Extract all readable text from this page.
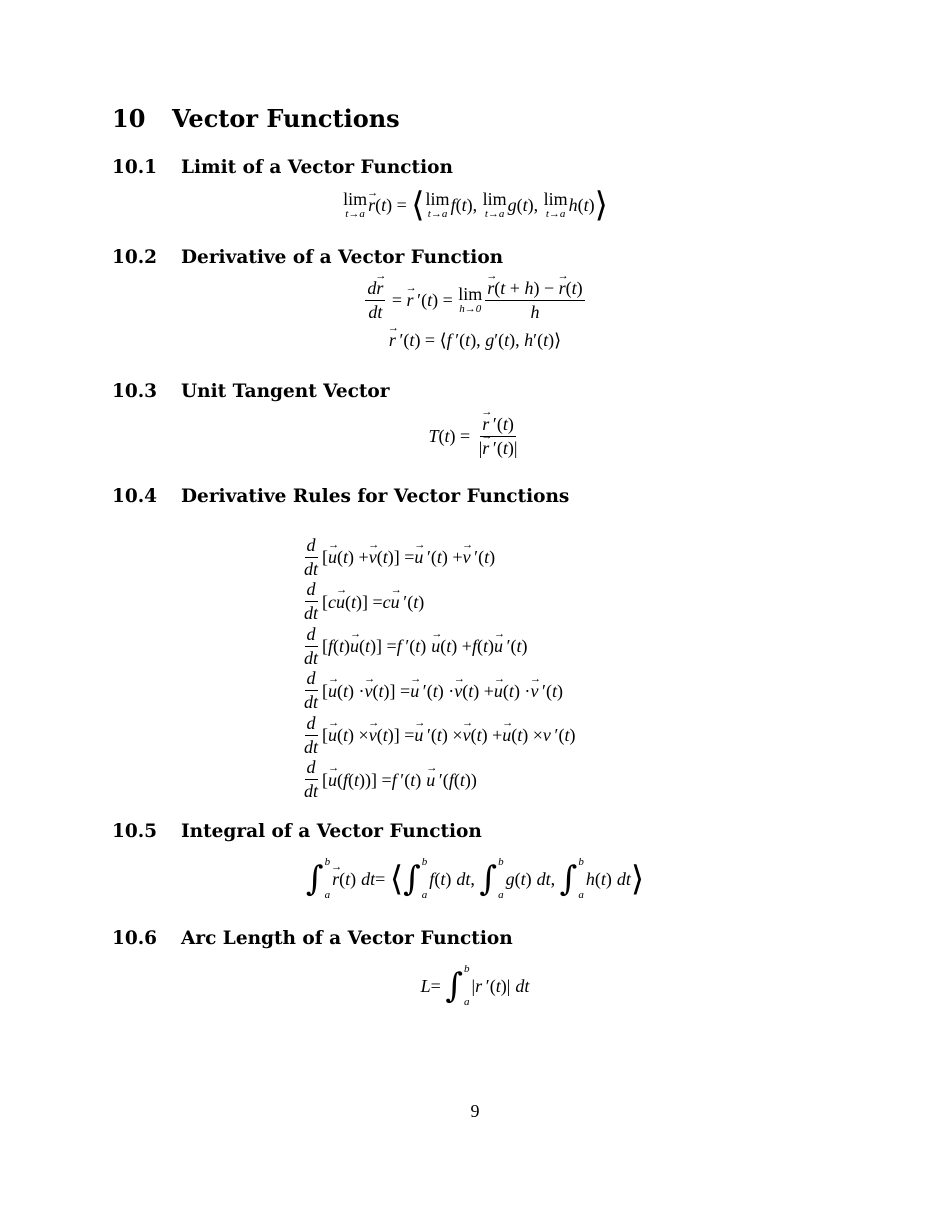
10 Vector Functions
10.1 Limit of a Vector Function
lim
t→a
→ r ( t ) = ⟨ lim
t→a f ( t ), lim
t→a g ( t ), lim
t→a h ( t ) ⟩
10.2 Derivative of a Vector Function
$\frac{d\to r}{dt}$ =
→ r  ′( t ) = lim
h→0
→ $\frac{r(t + h) - \to r(t)}{h}$
→ r ′(t) = ⟨f ′(t), g′(t), h′(t)⟩
10.3 Unit Tangent Vector
T ( t ) =
→ $\frac{r '(t)}{|\to r '(t)|}$
10.4 Derivative Rules for Vector Functions
$\frac{d}{dt}$ [
→ u ( t ) +
→ v ( t )] =
→ u  ′( t ) +
→ v  ′( t )
$\frac{d}{dt}$ [ c
→ u ( t )] = c
→ u  ′( t )
$\frac{d}{dt}$ [ f ( t )
→ u ( t )] = f  ′( t )
→ u ( t ) + f ( t )
→ u  ′( t )
$\frac{d}{dt}$ [
→ u ( t ) ·
→ v ( t )] =
→ u  ′( t ) ·
→ v ( t ) +
→ u ( t ) ·
→ v  ′( t )
$\frac{d}{dt}$ [
→ u ( t ) ×
→ v ( t )] =
→ u  ′( t ) ×
→ v ( t ) +
→ u ( t ) × v  ′( t )
$\frac{d}{dt}$ [
→ u ( f ( t ))] = f  ′( t )
→ u  ′( f ( t ))
10.5 Integral of a Vector Function
∫ b
a
→ r ( t ) dt = ⟨ ∫ b
a
f ( t ) dt , ∫ b
a
g ( t ) dt , ∫ b
a
h ( t ) dt ⟩
10.6 Arc Length of a Vector Function
L = ∫ b
a
| r  ′( t )| dt
9
